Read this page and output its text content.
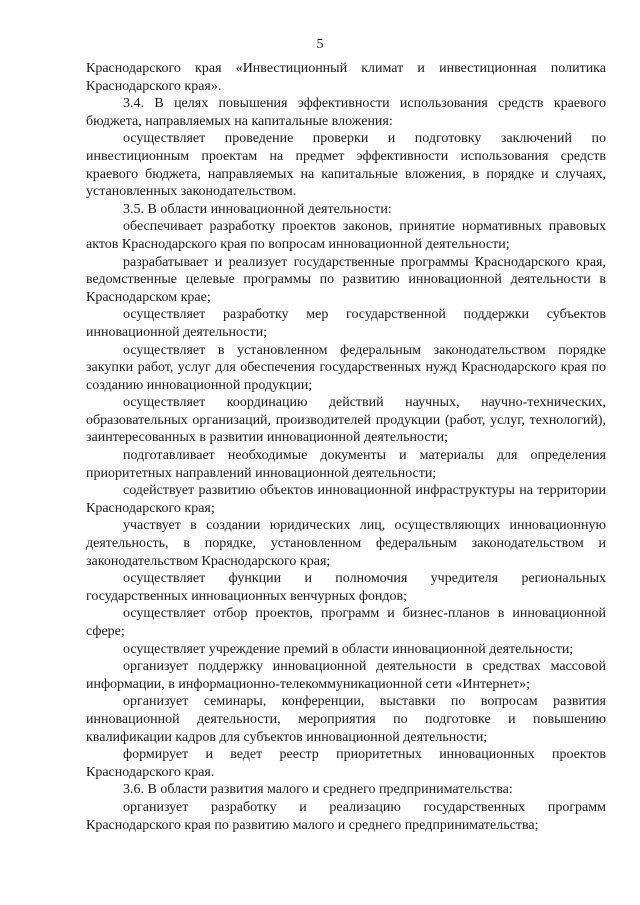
5

Краснодарского края «Инвестиционный климат и инвестиционная политика Краснодарского края».

3.4. В целях повышения эффективности использования средств краевого бюджета, направляемых на капитальные вложения:

осуществляет проведение проверки и подготовку заключений по инвестиционным проектам на предмет эффективности использования средств краевого бюджета, направляемых на капитальные вложения, в порядке и случаях, установленных законодательством.

3.5. В области инновационной деятельности:

обеспечивает разработку проектов законов, принятие нормативных правовых актов Краснодарского края по вопросам инновационной деятельности;

разрабатывает и реализует государственные программы Краснодарского края, ведомственные целевые программы по развитию инновационной деятельности в Краснодарском крае;

осуществляет разработку мер государственной поддержки субъектов инновационной деятельности;

осуществляет в установленном федеральным законодательством порядке закупки работ, услуг для обеспечения государственных нужд Краснодарского края по созданию инновационной продукции;

осуществляет координацию действий научных, научно-технических, образовательных организаций, производителей продукции (работ, услуг, технологий), заинтересованных в развитии инновационной деятельности;

подготавливает необходимые документы и материалы для определения приоритетных направлений инновационной деятельности;

содействует развитию объектов инновационной инфраструктуры на территории Краснодарского края;

участвует в создании юридических лиц, осуществляющих инновационную деятельность, в порядке, установленном федеральным законодательством и законодательством Краснодарского края;

осуществляет функции и полномочия учредителя региональных государственных инновационных венчурных фондов;

осуществляет отбор проектов, программ и бизнес-планов в инновационной сфере;

осуществляет учреждение премий в области инновационной деятельности;

организует поддержку инновационной деятельности в средствах массовой информации, в информационно-телекоммуникационной сети «Интернет»;

организует семинары, конференции, выставки по вопросам развития инновационной деятельности, мероприятия по подготовке и повышению квалификации кадров для субъектов инновационной деятельности;

формирует и ведет реестр приоритетных инновационных проектов Краснодарского края.

3.6. В области развития малого и среднего предпринимательства:

организует разработку и реализацию государственных программ Краснодарского края по развитию малого и среднего предпринимательства;
